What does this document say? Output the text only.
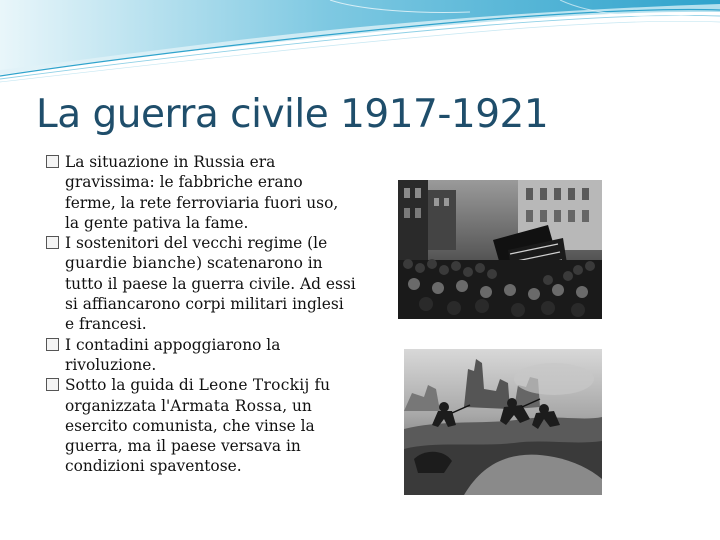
La guerra civile 1917-1921
La situazione in Russia era gravissima: le fabbriche erano ferme, la rete ferroviaria fuori uso, la gente pativa la fame.
I sostenitori del vecchi regime (le guardie bianche) scatenarono in tutto il paese la guerra civile. Ad essi si affiancarono corpi militari inglesi e francesi.
I contadini appoggiarono la rivoluzione.
Sotto la guida di Leone Trockij fu organizzata l'Armata Rossa, un esercito comunista, che vinse la guerra, ma il paese versava in condizioni spaventose.
